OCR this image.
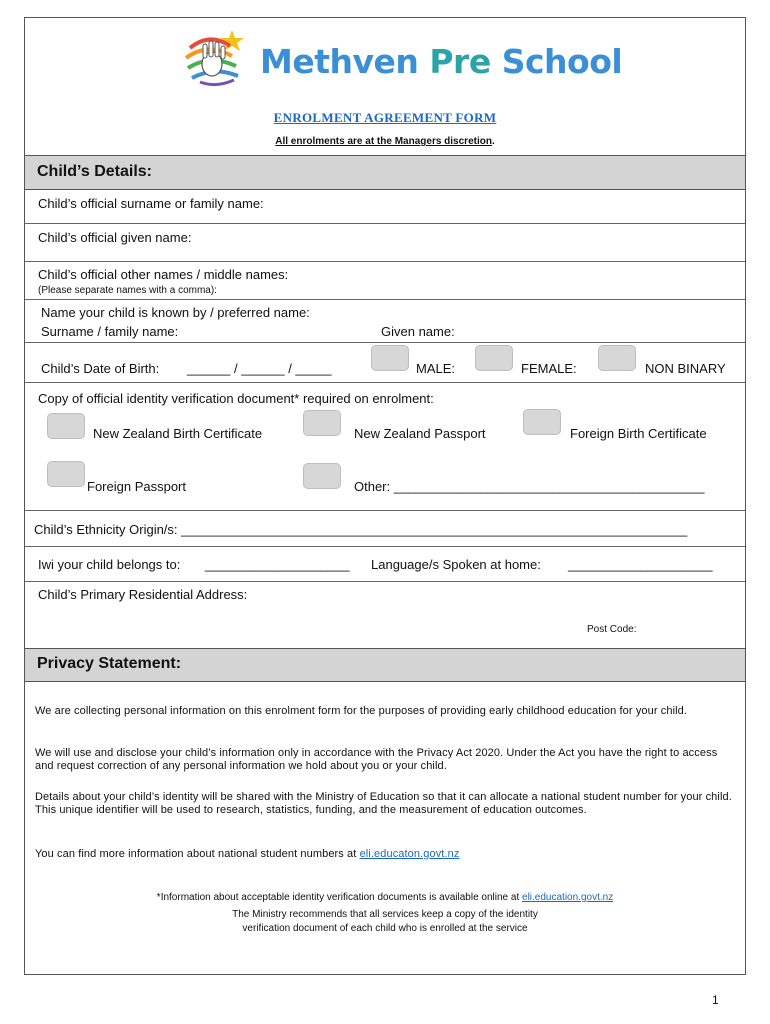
Methven Pre School
ENROLMENT AGREEMENT FORM
All enrolments are at the Managers discretion.
Child’s Details:
Child’s official surname or family name:
Child’s official given name:
Child’s official other names / middle names:
(Please separate names with a comma):
Name your child is known by / preferred name:
Surname / family name:	Given name:
Child’s Date of Birth: ______ / ______ / _____	MALE:	FEMALE:	NON BINARY
Copy of official identity verification document* required on enrolment:
New Zealand Birth Certificate	New Zealand Passport	Foreign Birth Certificate
Foreign Passport	Other: ___________________________________________
Child’s Ethnicity Origin/s: ______________________________________________________________________
Iwi your child belongs to: ____________________ Language/s Spoken at home: ____________________
Child’s Primary Residential Address:
Post Code:
Privacy Statement:
We are collecting personal information on this enrolment form for the purposes of providing early childhood education for your child.
We will use and disclose your child’s information only in accordance with the Privacy Act 2020. Under the Act you have the right to access and request correction of any personal information we hold about you or your child.
Details about your child’s identity will be shared with the Ministry of Education so that it can allocate a national student number for your child. This unique identifier will be used to research, statistics, funding, and the measurement of education outcomes.
You can find more information about national student numbers at eli.educaton.govt.nz
*Information about acceptable identity verification documents is available online at eli.education.govt.nz
The Ministry recommends that all services keep a copy of the identity
verification document of each child who is enrolled at the service
1
